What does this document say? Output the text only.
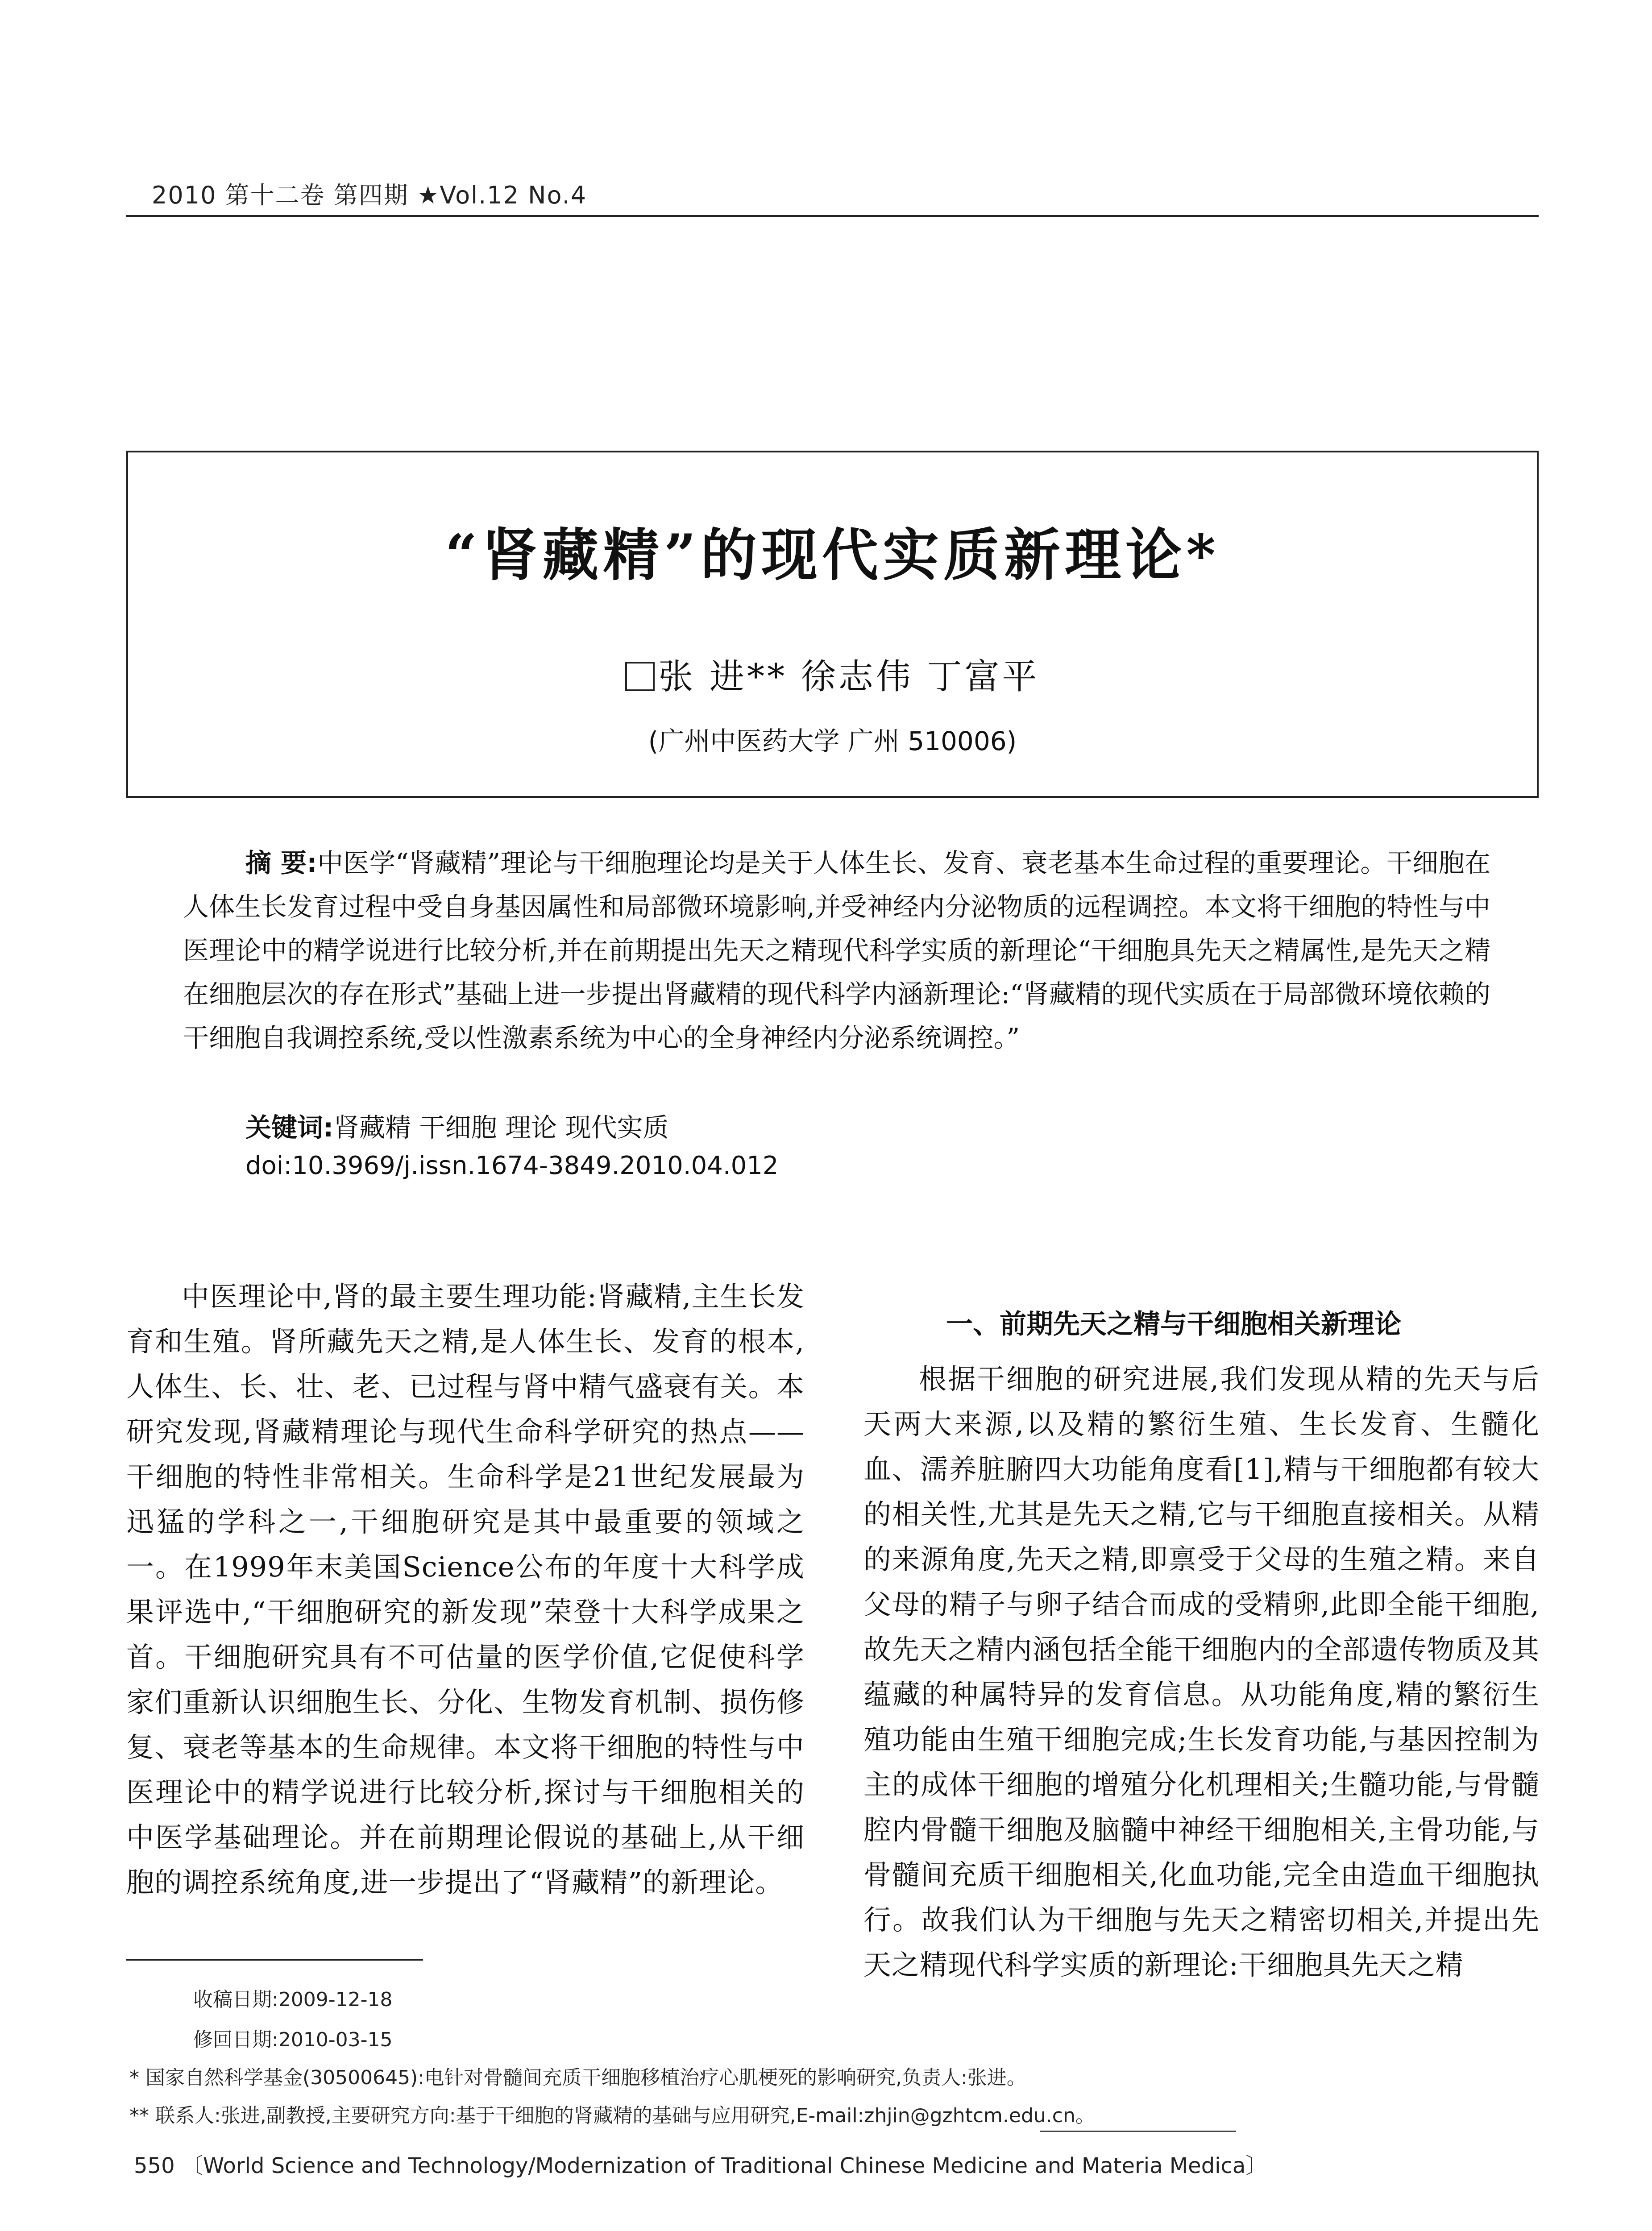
2010 第十二卷 第四期 ★Vol.12 No.4
“肾藏精”的现代实质新理论*
张 进** 徐志伟 丁富平
(广州中医药大学 广州 510006)
摘 要:中医学“肾藏精”理论与干细胞理论均是关于人体生长、发育、衰老基本生命过程的重要理论。干细胞在人体生长发育过程中受自身基因属性和局部微环境影响,并受神经内分泌物质的远程调控。本文将干细胞的特性与中医理论中的精学说进行比较分析,并在前期提出先天之精现代科学实质的新理论“干细胞具先天之精属性,是先天之精在细胞层次的存在形式”基础上进一步提出肾藏精的现代科学内涵新理论:“肾藏精的现代实质在于局部微环境依赖的干细胞自我调控系统,受以性激素系统为中心的全身神经内分泌系统调控。”
关键词:肾藏精 干细胞 理论 现代实质
doi:10.3969/j.issn.1674-3849.2010.04.012
中医理论中,肾的最主要生理功能:肾藏精,主生长发育和生殖。肾所藏先天之精,是人体生长、发育的根本,人体生、长、壮、老、已过程与肾中精气盛衰有关。本研究发现,肾藏精理论与现代生命科学研究的热点——干细胞的特性非常相关。生命科学是21世纪发展最为迅猛的学科之一,干细胞研究是其中最重要的领域之一。在1999年末美国Science公布的年度十大科学成果评选中,“干细胞研究的新发现”荣登十大科学成果之首。干细胞研究具有不可估量的医学价值,它促使科学家们重新认识细胞生长、分化、生物发育机制、损伤修复、衰老等基本的生命规律。本文将干细胞的特性与中医理论中的精学说进行比较分析,探讨与干细胞相关的中医学基础理论。并在前期理论假说的基础上,从干细胞的调控系统角度,进一步提出了“肾藏精”的新理论。
一、前期先天之精与干细胞相关新理论
根据干细胞的研究进展,我们发现从精的先天与后天两大来源,以及精的繁衍生殖、生长发育、生髓化血、濡养脏腑四大功能角度看[1],精与干细胞都有较大的相关性,尤其是先天之精,它与干细胞直接相关。从精的来源角度,先天之精,即禀受于父母的生殖之精。来自父母的精子与卵子结合而成的受精卵,此即全能干细胞,故先天之精内涵包括全能干细胞内的全部遗传物质及其蕴藏的种属特异的发育信息。从功能角度,精的繁衍生殖功能由生殖干细胞完成;生长发育功能,与基因控制为主的成体干细胞的增殖分化机理相关;生髓功能,与骨髓腔内骨髓干细胞及脑髓中神经干细胞相关,主骨功能,与骨髓间充质干细胞相关,化血功能,完全由造血干细胞执行。故我们认为干细胞与先天之精密切相关,并提出先天之精现代科学实质的新理论:干细胞具先天之精
收稿日期:2009-12-18
修回日期:2010-03-15
* 国家自然科学基金(30500645):电针对骨髓间充质干细胞移植治疗心肌梗死的影响研究,负责人:张进。
** 联系人:张进,副教授,主要研究方向:基于干细胞的肾藏精的基础与应用研究,E-mail:zhjin@gzhtcm.edu.cn。
550 〔World Science and Technology/Modernization of Traditional Chinese Medicine and Materia Medica〕
